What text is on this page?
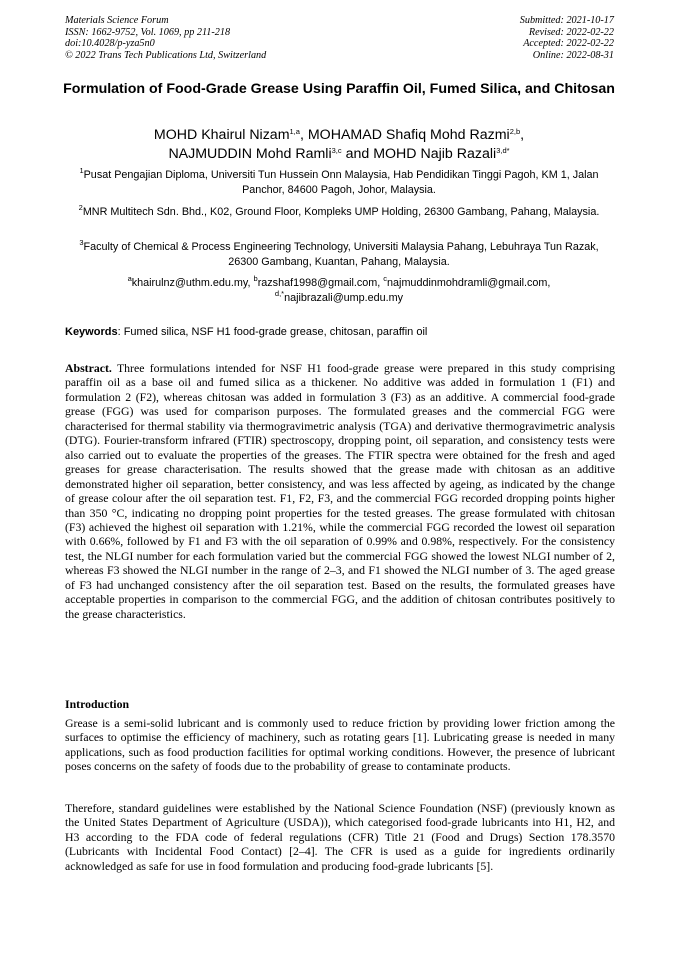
Materials Science Forum
ISSN: 1662-9752, Vol. 1069, pp 211-218
doi:10.4028/p-yza5n0
© 2022 Trans Tech Publications Ltd, Switzerland
Submitted: 2021-10-17
Revised: 2022-02-22
Accepted: 2022-02-22
Online: 2022-08-31
Formulation of Food-Grade Grease Using Paraffin Oil, Fumed Silica, and Chitosan
MOHD Khairul Nizam$^{1,a}$, MOHAMAD Shafiq Mohd Razmi$^{2,b}$,
NAJMUDDIN Mohd Ramli$^{3,c}$ and MOHD Najib Razali$^{3,d*}$
$^1$Pusat Pengajian Diploma, Universiti Tun Hussein Onn Malaysia, Hab Pendidikan Tinggi Pagoh, KM 1, Jalan Panchor, 84600 Pagoh, Johor, Malaysia.
$^2$MNR Multitech Sdn. Bhd., K02, Ground Floor, Kompleks UMP Holding, 26300 Gambang, Pahang, Malaysia.
$^3$Faculty of Chemical & Process Engineering Technology, Universiti Malaysia Pahang, Lebuhraya Tun Razak, 26300 Gambang, Kuantan, Pahang, Malaysia.
$^a$khairulnz@uthm.edu.my, $^b$razshaf1998@gmail.com, $^c$najmuddinmohdramli@gmail.com,
$^{d,*}$najibrazali@ump.edu.my
Keywords: Fumed silica, NSF H1 food-grade grease, chitosan, paraffin oil
Abstract. Three formulations intended for NSF H1 food-grade grease were prepared in this study comprising paraffin oil as a base oil and fumed silica as a thickener. No additive was added in formulation 1 (F1) and formulation 2 (F2), whereas chitosan was added in formulation 3 (F3) as an additive. A commercial food-grade grease (FGG) was used for comparison purposes. The formulated greases and the commercial FGG were characterised for thermal stability via thermogravimetric analysis (TGA) and derivative thermogravimetric analysis (DTG). Fourier-transform infrared (FTIR) spectroscopy, dropping point, oil separation, and consistency tests were also carried out to evaluate the properties of the greases. The FTIR spectra were obtained for the fresh and aged greases for grease characterisation. The results showed that the grease made with chitosan as an additive demonstrated higher oil separation, better consistency, and was less affected by ageing, as indicated by the change of grease colour after the oil separation test. F1, F2, F3, and the commercial FGG recorded dropping points higher than 350 °C, indicating no dropping point properties for the tested greases. The grease formulated with chitosan (F3) achieved the highest oil separation with 1.21%, while the commercial FGG recorded the lowest oil separation with 0.66%, followed by F1 and F3 with the oil separation of 0.99% and 0.98%, respectively. For the consistency test, the NLGI number for each formulation varied but the commercial FGG showed the lowest NLGI number of 2, whereas F3 showed the NLGI number in the range of 2–3, and F1 showed the NLGI number of 3. The aged grease of F3 had unchanged consistency after the oil separation test. Based on the results, the formulated greases have acceptable properties in comparison to the commercial FGG, and the addition of chitosan contributes positively to the grease characteristics.
Introduction
Grease is a semi-solid lubricant and is commonly used to reduce friction by providing lower friction among the surfaces to optimise the efficiency of machinery, such as rotating gears [1]. Lubricating grease is needed in many applications, such as food production facilities for optimal working conditions. However, the presence of lubricant poses concerns on the safety of foods due to the probability of grease to contaminate products.
Therefore, standard guidelines were established by the National Science Foundation (NSF) (previously known as the United States Department of Agriculture (USDA)), which categorised food-grade lubricants into H1, H2, and H3 according to the FDA code of federal regulations (CFR) Title 21 (Food and Drugs) Section 178.3570 (Lubricants with Incidental Food Contact) [2–4]. The CFR is used as a guide for ingredients ordinarily acknowledged as safe for use in food formulation and producing food-grade lubricants [5].
